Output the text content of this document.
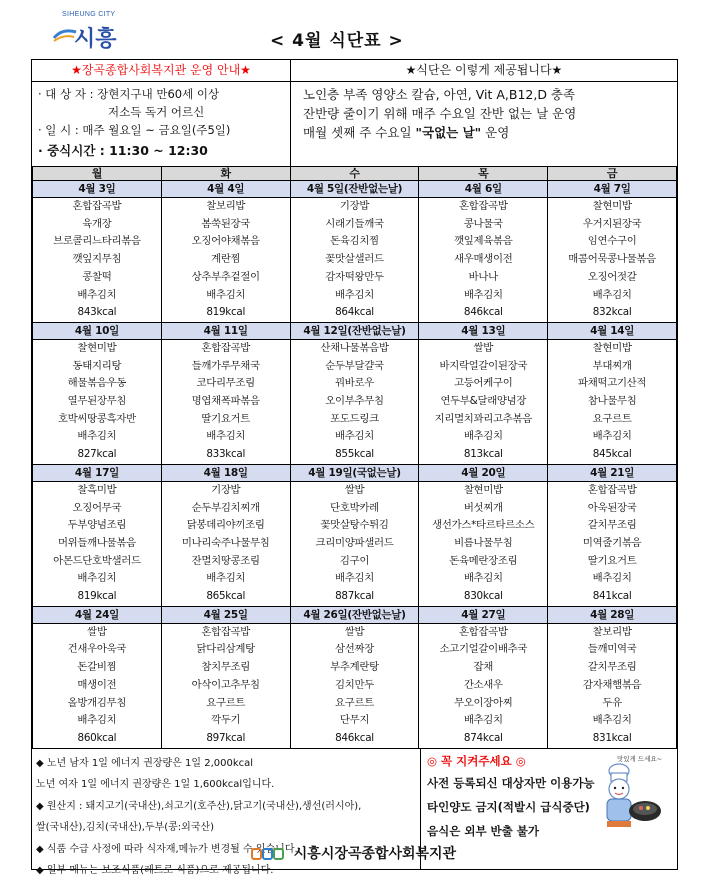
SIHEUNG CITY
시흥	< 4월 식단표 >
★장곡종합사회복지관 운영 안내★
· 대 상 자 : 장현지구내 만60세 이상
저소득 독거 어르신
· 일 시 : 매주 월요일 ~ 금요일(주5일)
· 중식시간 : 11:30 ~ 12:30
★식단은 이렇게 제공됩니다★
노인층 부족 영양소 칼슘, 아연, Vit A,B12,D 충족
잔반량 줄이기 위해 매주 수요일 잔반 없는 날 운영
매월 셋째 주 수요일 "국없는 날" 운영
월	화	수	목	금
4월 3일	4월 4일	4월 5일(잔반없는날)	4월 6일	4월 7일
혼합잡곡밥	찰보리밥	기장밥	혼합잡곡밥	찰현미밥
육개장	봄쑥된장국	시래기들깨국	콩나물국	우거지된장국
브로콜리느타리볶음	오징어야채볶음	돈육김치찜	깻잎제육볶음	임연수구이
깻잎지무침	계란찜	꽃맛살샐러드	새우매생이전	매콤어묵콩나물볶음
콩찰떡	상추부추겉절이	감자떡왕만두	바나나	오징어젓갈
배추김치	배추김치	배추김치	배추김치	배추김치
843kcal	819kcal	864kcal	846kcal	832kcal
4월 10일	4월 11일	4월 12일(잔반없는날)	4월 13일	4월 14일
찰현미밥	혼합잡곡밥	산채나물볶음밥	쌀밥	찰현미밥
동태지리탕	들깨가루무채국	순두부달걀국	바지락얼갈이된장국	부대찌개
해물볶음우동	코다리무조림	꿔바로우	고등어케구이	파채떡고기산적
열무된장무침	명엽채폭파볶음	오이부추무침	연두부&달래양념장	참나물무침
호박씨땅콩흑자반	딸기요거트	포도드링크	지리멸치꽈리고추볶음	요구르트
배추김치	배추김치	배추김치	배추김치	배추김치
827kcal	833kcal	855kcal	813kcal	845kcal
4월 17일	4월 18일	4월 19일(국없는날)	4월 20일	4월 21일
찰흑미밥	기장밥	쌀밥	찰현미밥	혼합잡곡밥
오징어무국	순두부김치찌개	단호박카레	버섯찌개	아욱된장국
두부양념조림	닭봉데리야끼조림	꽃맛살탕수튀김	생선가스*타르타르소스	갈치무조림
머위들깨나물볶음	미나리숙주나물무침	크리미양파샐러드	비름나물무침	미역줄기볶음
아몬드단호박샐러드	잔멸치땅콩조림	김구이	돈육메란장조림	딸기요거트
배추김치	배추김치	배추김치	배추김치	배추김치
819kcal	865kcal	887kcal	830kcal	841kcal
4월 24일	4월 25일	4월 26일(잔반없는날)	4월 27일	4월 28일
쌀밥	혼합잡곡밥	쌀밥	혼합잡곡밥	찰보리밥
건새우아욱국	닭다리삼계탕	삼선짜장	소고기얼갈이배추국	들깨미역국
돈갈비찜	참치무조림	부추계란탕	잡채	갈치무조림
매생이전	아삭이고추무침	김치만두	간소새우	감자채햄볶음
올방개김무침	요구르트	요구르트	무오이장아찌	두유
배추김치	깍두기	단무지	배추김치	배추김치
860kcal	897kcal	846kcal	874kcal	831kcal
◆ 노년 남자 1일 에너지 권장량은 1일 2,000kcal
노년 여자 1일 에너지 권장량은 1일 1,600kcal입니다.
◆ 원산지 : 돼지고기(국내산),쇠고기(호주산),닭고기(국내산),생선(러시아),
쌀(국내산),김치(국내산),두부(콩:외국산)
◆ 식품 수급 사정에 따라 식자재,메뉴가 변경될 수 있습니다.
◆ 일부 메뉴는 보조식품(레트로 식품)으로 제공됩니다.
◎ 꼭 지켜주세요 ◎
사전 등록되신 대상자만 이용가능
타인양도 금지(적발시 급식중단)
음식은 외부 반출 불가
맛있게 드세요~
시흥시장곡종합사회복지관
